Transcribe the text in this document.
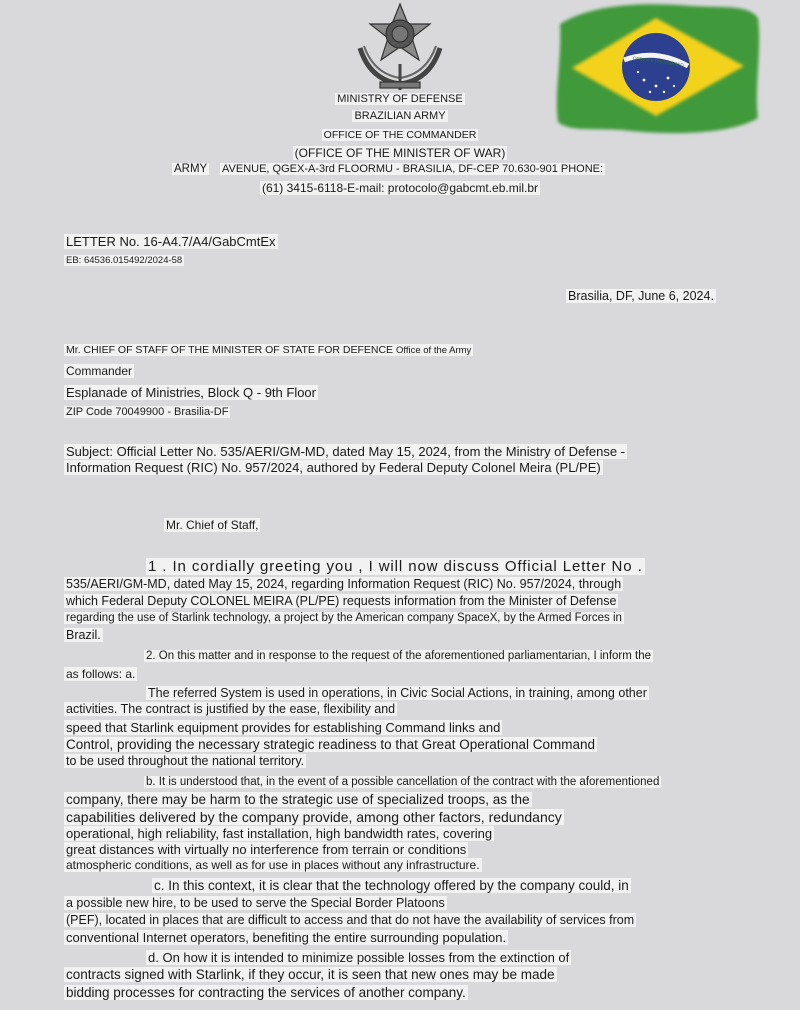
ORDEM E PROGRESSO
MINISTRY OF DEFENSE
BRAZILIAN ARMY
OFFICE OF THE COMMANDER
(OFFICE OF THE MINISTER OF WAR)
ARMY AVENUE, QGEX-A-3rd FLOORMU - BRASILIA, DF-CEP 70.630-901 PHONE:
(61) 3415-6118-E-mail: protocolo@gabcmt.eb.mil.br
LETTER No. 16-A4.7/A4/GabCmtEx
EB: 64536.015492/2024-58
Brasilia, DF, June 6, 2024.
Mr. CHIEF OF STAFF OF THE MINISTER OF STATE FOR DEFENCE Office of the Army
Commander
Esplanade of Ministries, Block Q - 9th Floor
ZIP Code 70049900 - Brasilia-DF
Subject: Official Letter No. 535/AERI/GM-MD, dated May 15, 2024, from the Ministry of Defense -
Information Request (RIC) No. 957/2024, authored by Federal Deputy Colonel Meira (PL/PE)
Mr. Chief of Staff,
1 . In cordially greeting you , I will now discuss Official Letter No .
535/AERI/GM-MD, dated May 15, 2024, regarding Information Request (RIC) No. 957/2024, through
which Federal Deputy COLONEL MEIRA (PL/PE) requests information from the Minister of Defense
regarding the use of Starlink technology, a project by the American company SpaceX, by the Armed Forces in
Brazil.
2. On this matter and in response to the request of the aforementioned parliamentarian, I inform the
as follows: a.
The referred System is used in operations, in Civic Social Actions, in training, among other
activities. The contract is justified by the ease, flexibility and
speed that Starlink equipment provides for establishing Command links and
Control, providing the necessary strategic readiness to that Great Operational Command
to be used throughout the national territory.
b. It is understood that, in the event of a possible cancellation of the contract with the aforementioned
company, there may be harm to the strategic use of specialized troops, as the
capabilities delivered by the company provide, among other factors, redundancy
operational, high reliability, fast installation, high bandwidth rates, covering
great distances with virtually no interference from terrain or conditions
atmospheric conditions, as well as for use in places without any infrastructure.
c. In this context, it is clear that the technology offered by the company could, in
a possible new hire, to be used to serve the Special Border Platoons
(PEF), located in places that are difficult to access and that do not have the availability of services from
conventional Internet operators, benefiting the entire surrounding population.
d. On how it is intended to minimize possible losses from the extinction of
contracts signed with Starlink, if they occur, it is seen that new ones may be made
bidding processes for contracting the services of another company.
